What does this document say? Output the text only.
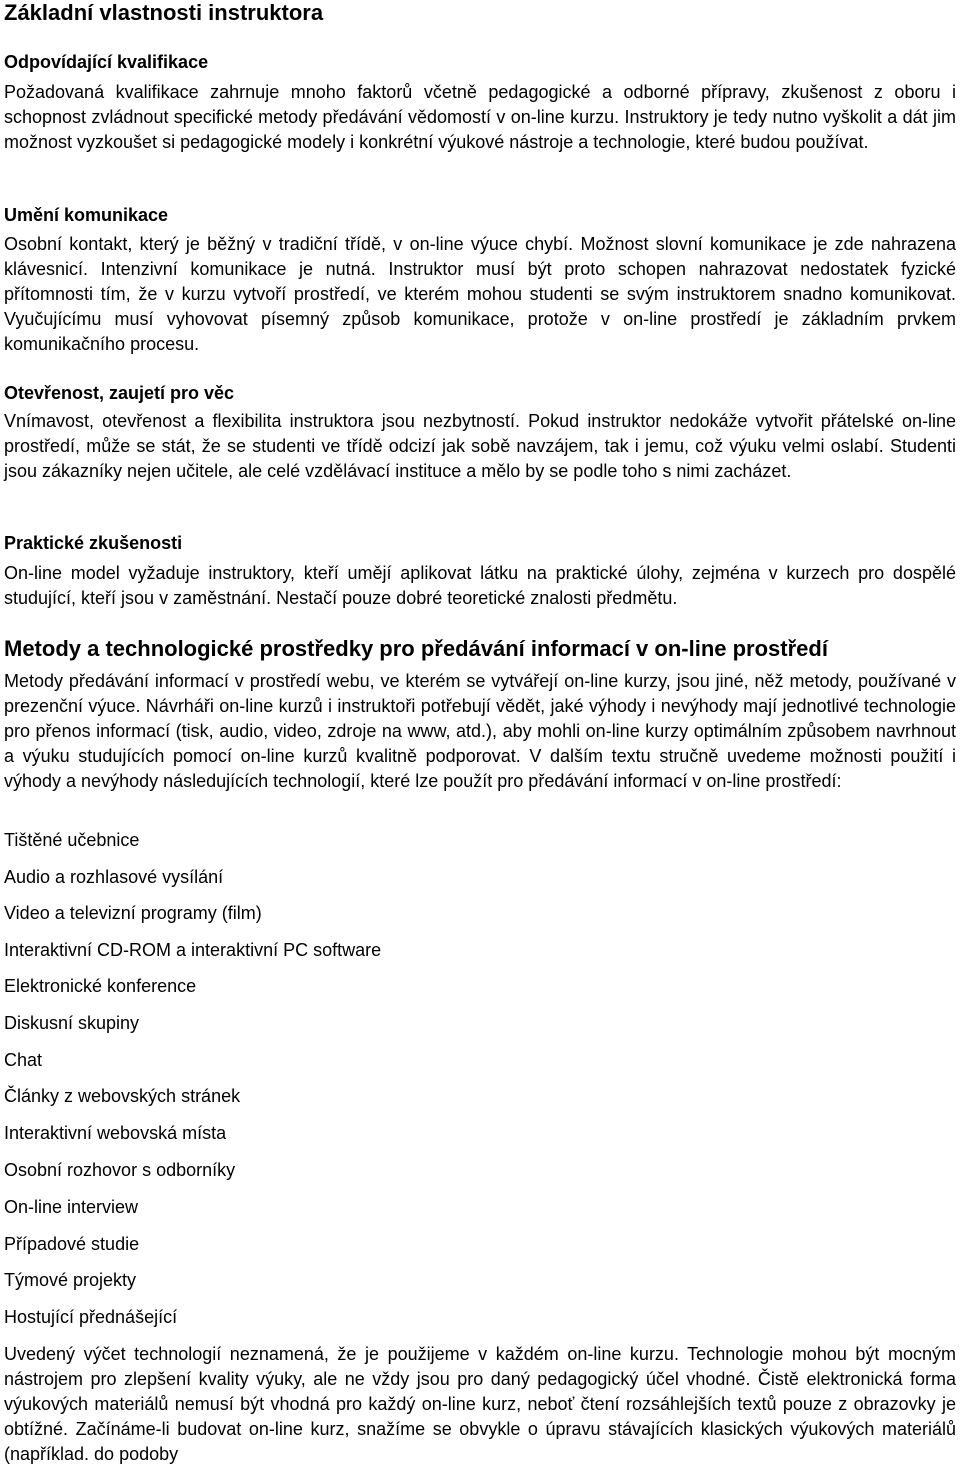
Základní vlastnosti instruktora
Odpovídající kvalifikace

Požadovaná kvalifikace zahrnuje mnoho faktorů včetně pedagogické a odborné přípravy, zkušenost z oboru i schopnost zvládnout specifické metody předávání vědomostí v on-line kurzu. Instruktory je tedy nutno vyškolit a dát jim možnost vyzkoušet si pedagogické modely i konkrétní výukové nástroje a technologie, které budou používat.

Umění komunikace

Osobní kontakt, který je běžný v tradiční třídě, v on-line výuce chybí. Možnost slovní komunikace je zde nahrazena klávesnicí. Intenzivní komunikace je nutná. Instruktor musí být proto schopen nahrazovat nedostatek fyzické přítomnosti tím, že v kurzu vytvoří prostředí, ve kterém mohou studenti se svým instruktorem snadno komunikovat. Vyučujícímu musí vyhovovat písemný způsob komunikace, protože v on-line prostředí je základním prvkem komunikačního procesu.

Otevřenost, zaujetí pro věc

Vnímavost, otevřenost a flexibilita instruktora jsou nezbytností. Pokud instruktor nedokáže vytvořit přátelské on-line prostředí, může se stát, že se studenti ve třídě odcizí jak sobě navzájem, tak i jemu, což výuku velmi oslabí. Studenti jsou zákazníky nejen učitele, ale celé vzdělávací instituce a mělo by se podle toho s nimi zacházet.

Praktické zkušenosti

On-line model vyžaduje instruktory, kteří umějí aplikovat látku na praktické úlohy, zejména v kurzech pro dospělé studující, kteří jsou v zaměstnání. Nestačí pouze dobré teoretické znalosti předmětu.

Metody a technologické prostředky pro předávání informací v on-line prostředí

Metody předávání informací v prostředí webu, ve kterém se vytvářejí on-line kurzy, jsou jiné, něž metody, používané v prezenční výuce. Návrháři on-line kurzů i instruktoři potřebují vědět, jaké výhody i nevýhody mají jednotlivé technologie pro přenos informací (tisk, audio, video, zdroje na www, atd.), aby mohli on-line kurzy optimálním způsobem navrhnout a výuku studujících pomocí on-line kurzů kvalitně podporovat. V dalším textu stručně uvedeme možnosti použití i výhody a nevýhody následujících technologií, které lze použít pro předávání informací v on-line prostředí:

Tištěné učebnice
Audio a rozhlasové vysílání
Video a televizní programy (film)
Interaktivní CD-ROM a interaktivní PC software
Elektronické konference
Diskusní skupiny
Chat
Články z webovských stránek
Interaktivní webovská místa
Osobní rozhovor s odborníky
On-line interview
Případové studie
Týmové projekty
Hostující přednášející

Uvedený výčet technologií neznamená, že je použijeme v každém on-line kurzu. Technologie mohou být mocným nástrojem pro zlepšení kvality výuky, ale ne vždy jsou pro daný pedagogický účel vhodné. Čistě elektronická forma výukových materiálů nemusí být vhodná pro každý on-line kurz, neboť čtení rozsáhlejších textů pouze z obrazovky je obtížné. Začínáme-li budovat on-line kurz, snažíme se obvykle o úpravu stávajících klasických výukových materiálů (například. do podoby
